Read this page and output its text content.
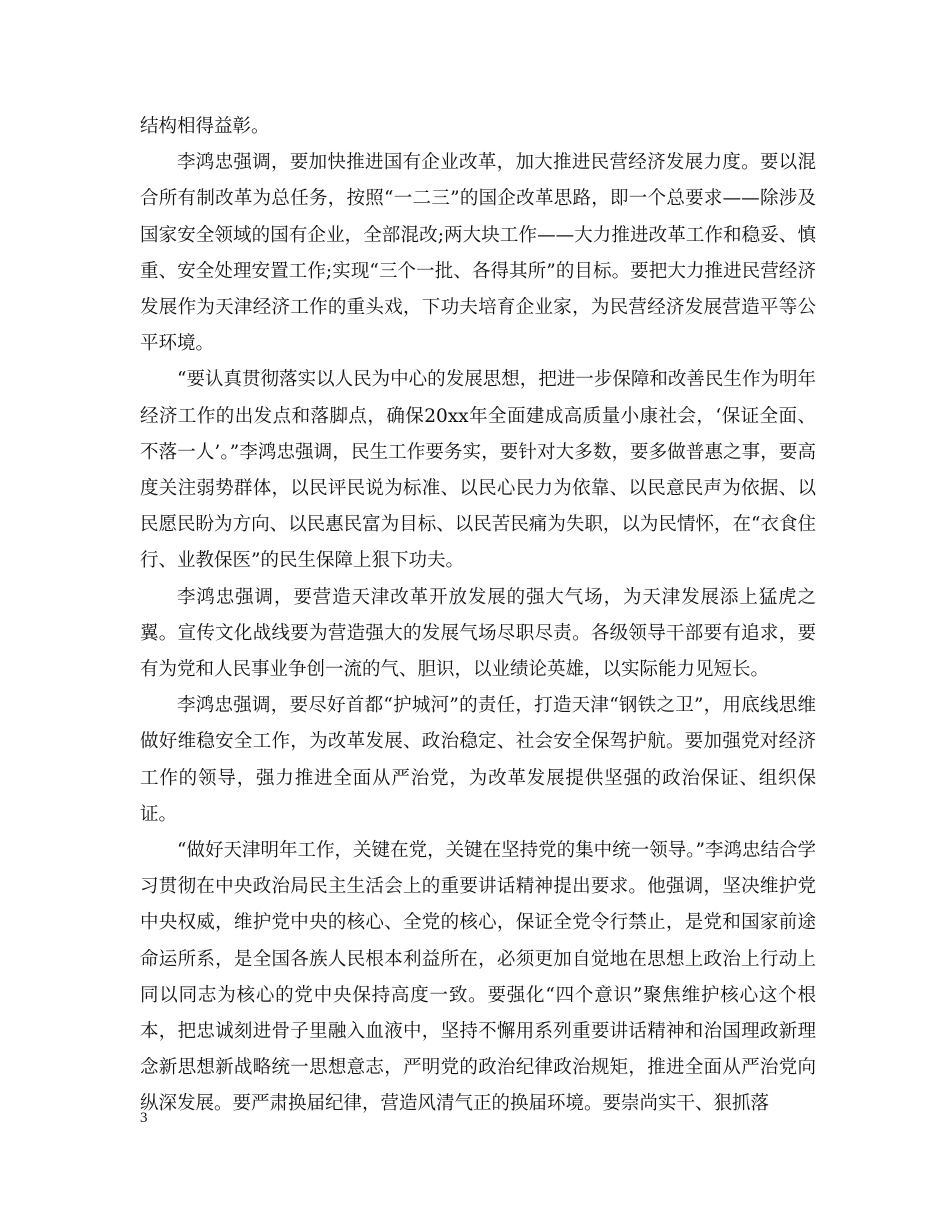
结构相得益彰。

李鸿忠强调，要加快推进国有企业改革，加大推进民营经济发展力度。要以混合所有制改革为总任务，按照“一二三”的国企改革思路，即一个总要求——除涉及国家安全领域的国有企业，全部混改;两大块工作——大力推进改革工作和稳妥、慎重、安全处理安置工作;实现“三个一批、各得其所”的目标。要把大力推进民营经济发展作为天津经济工作的重头戏，下功夫培育企业家，为民营经济发展营造平等公平环境。

“要认真贯彻落实以人民为中心的发展思想，把进一步保障和改善民生作为明年经济工作的出发点和落脚点，确保20xx年全面建成高质量小康社会，‘保证全面、不落一人’。”李鸿忠强调，民生工作要务实，要针对大多数，要多做普惠之事，要高度关注弱势群体，以民评民说为标准、以民心民力为依靠、以民意民声为依据、以民愿民盼为方向、以民惠民富为目标、以民苦民痛为失职，以为民情怀，在“衣食住行、业教保医”的民生保障上狠下功夫。

李鸿忠强调，要营造天津改革开放发展的强大气场，为天津发展添上猛虎之翼。宣传文化战线要为营造强大的发展气场尽职尽责。各级领导干部要有追求，要有为党和人民事业争创一流的气、胆识，以业绩论英雄，以实际能力见短长。

李鸿忠强调，要尽好首都“护城河”的责任，打造天津“钢铁之卫”，用底线思维做好维稳安全工作，为改革发展、政治稳定、社会安全保驾护航。要加强党对经济工作的领导，强力推进全面从严治党，为改革发展提供坚强的政治保证、组织保证。

“做好天津明年工作，关键在党，关键在坚持党的集中统一领导。”李鸿忠结合学习贯彻在中央政治局民主生活会上的重要讲话精神提出要求。他强调，坚决维护党中央权威，维护党中央的核心、全党的核心，保证全党令行禁止，是党和国家前途命运所系，是全国各族人民根本利益所在，必须更加自觉地在思想上政治上行动上同以同志为核心的党中央保持高度一致。要强化“四个意识”聚焦维护核心这个根本，把忠诚刻进骨子里融入血液中，坚持不懈用系列重要讲话精神和治国理政新理念新思想新战略统一思想意志，严明党的政治纪律政治规矩，推进全面从严治党向纵深发展。要严肃换届纪律，营造风清气正的换届环境。要崇尚实干、狠抓落

3
